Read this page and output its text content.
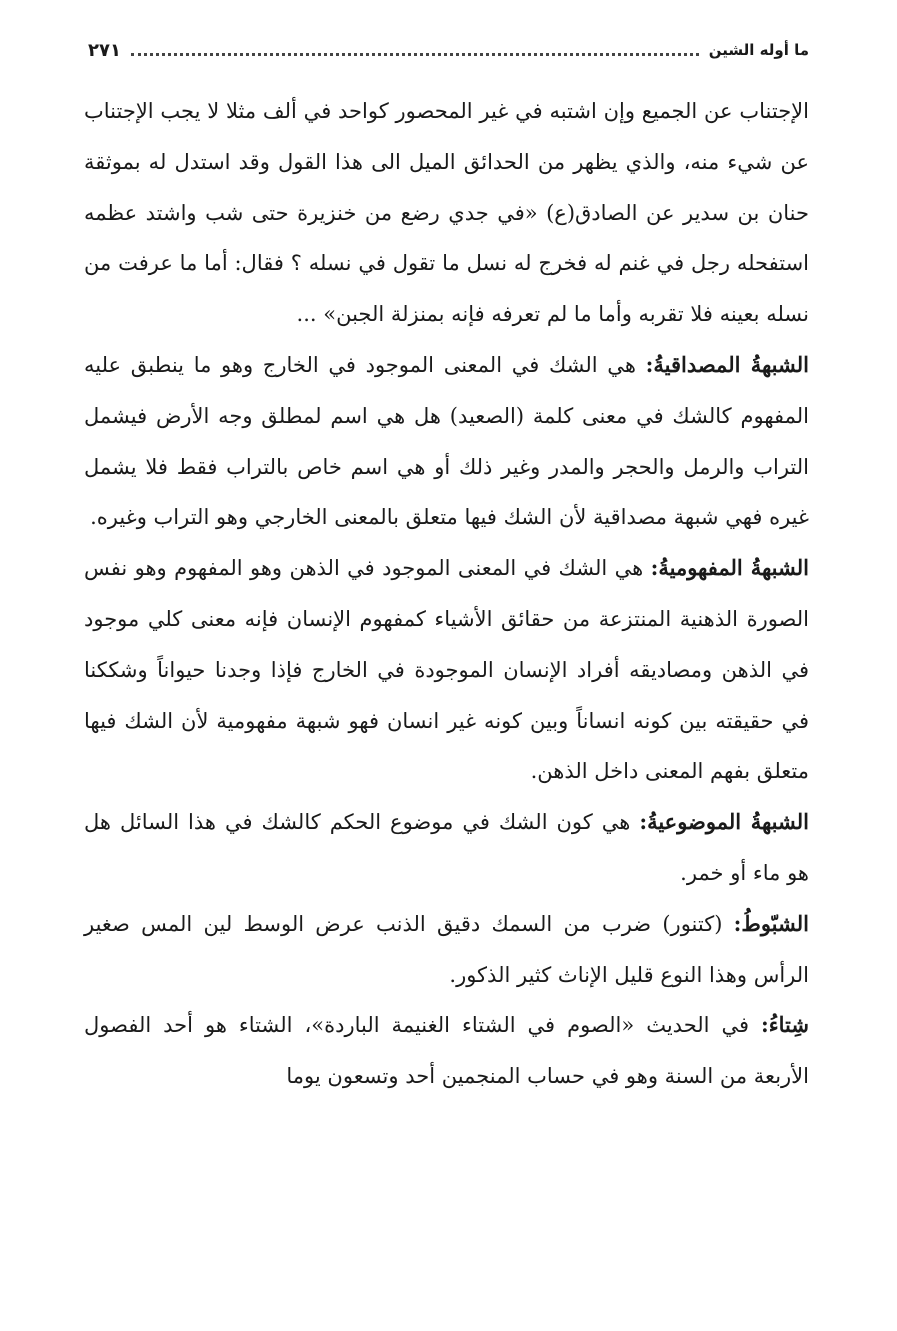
ما أوله الشين
٢٧١

الإجتناب عن الجميع وإن اشتبه في غير المحصور كواحد في ألف مثلا لا يجب الإجتناب عن شيء منه، والذي يظهر من الحدائق الميل الى هذا القول وقد استدل له بموثقة حنان بن سدير عن الصادق(ع) «في جدي رضع من خنزيرة حتى شب واشتد عظمه استفحله رجل في غنم له فخرج له نسل ما تقول في نسله ؟ فقال: أما ما عرفت من نسله بعينه فلا تقربه وأما ما لم تعرفه فإنه بمنزلة الجبن» ...

الشبهةُ المصداقيةُ: هي الشك في المعنى الموجود في الخارج وهو ما ينطبق عليه المفهوم كالشك في معنى كلمة (الصعيد) هل هي اسم لمطلق وجه الأرض فيشمل التراب والرمل والحجر والمدر وغير ذلك أو هي اسم خاص بالتراب فقط فلا يشمل غيره فهي شبهة مصداقية لأن الشك فيها متعلق بالمعنى الخارجي وهو التراب وغيره.

الشبهةُ المفهوميةُ: هي الشك في المعنى الموجود في الذهن وهو المفهوم وهو نفس الصورة الذهنية المنتزعة من حقائق الأشياء كمفهوم الإنسان فإنه معنى كلي موجود في الذهن ومصاديقه أفراد الإنسان الموجودة في الخارج فإذا وجدنا حيواناً وشككنا في حقيقته بين كونه انساناً وبين كونه غير انسان فهو شبهة مفهومية لأن الشك فيها متعلق بفهم المعنى داخل الذهن.

الشبهةُ الموضوعيةُ: هي كون الشك في موضوع الحكم كالشك في هذا السائل هل هو ماء أو خمر.

الشبّوطُ: (كتنور) ضرب من السمك دقيق الذنب عرض الوسط لين المس صغير الرأس وهذا النوع قليل الإناث كثير الذكور.

شِتاءُ: في الحديث «الصوم في الشتاء الغنيمة الباردة»، الشتاء هو أحد الفصول الأربعة من السنة وهو في حساب المنجمين أحد وتسعون يوما
